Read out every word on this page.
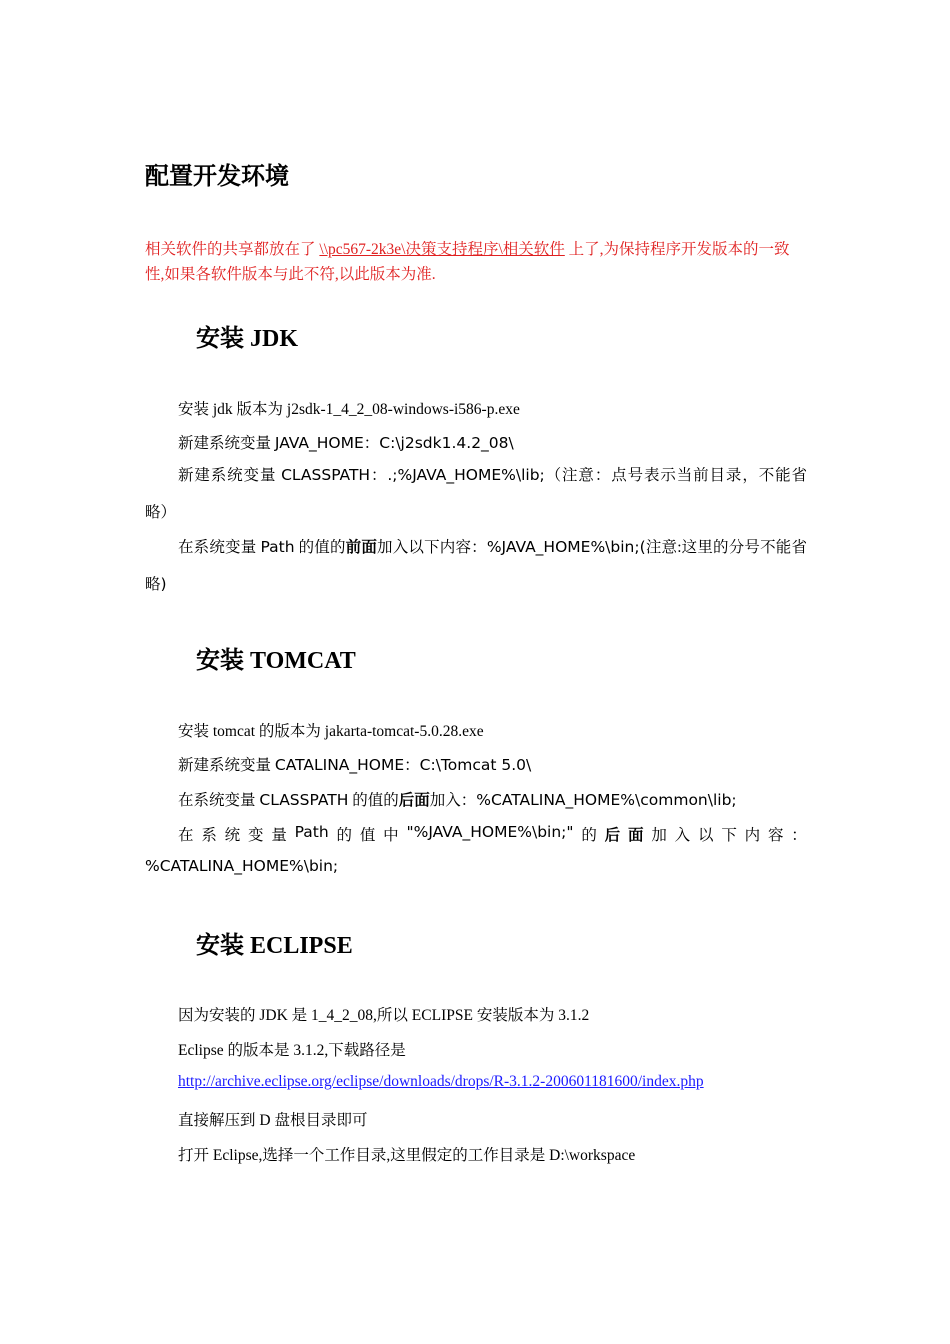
配置开发环境
相关软件的共享都放在了 \\pc567-2k3e\决策支持程序\相关软件 上了,为保持程序开发版本的一致性,如果各软件版本与此不符,以此版本为准.
安装 JDK
安装 jdk 版本为 j2sdk-1_4_2_08-windows-i586-p.exe
新建系统变量 JAVA_HOME：C:\j2sdk1.4.2_08\
新建系统变量 CLASSPATH：.;%JAVA_HOME%\lib;（注意：点号表示当前目录，不能省略）
在系统变量 Path 的值的前面加入以下内容：%JAVA_HOME%\bin;(注意:这里的分号不能省略)
安装 TOMCAT
安装 tomcat 的版本为 jakarta-tomcat-5.0.28.exe
新建系统变量 CATALINA_HOME：C:\Tomcat 5.0\
在系统变量 CLASSPATH 的值的后面加入：%CATALINA_HOME%\common\lib;
在 系 统 变 量 Path 的 值 中 "%JAVA_HOME%\bin;" 的 后 面 加 入 以 下 内 容 ：
%CATALINA_HOME%\bin;
安装 ECLIPSE
因为安装的 JDK 是 1_4_2_08,所以 ECLIPSE 安装版本为 3.1.2
Eclipse 的版本是 3.1.2,下载路径是
http://archive.eclipse.org/eclipse/downloads/drops/R-3.1.2-200601181600/index.php
直接解压到 D 盘根目录即可
打开 Eclipse,选择一个工作目录,这里假定的工作目录是 D:\workspace
